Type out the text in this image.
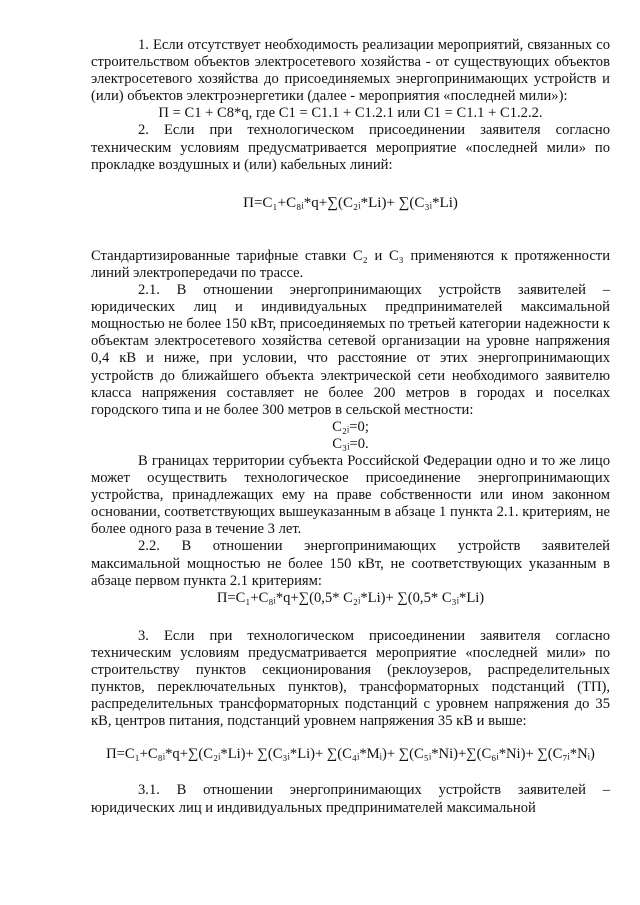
1. Если отсутствует необходимость реализации мероприятий, связанных со строительством объектов электросетевого хозяйства - от существующих объектов электросетевого хозяйства до присоединяемых энергопринимающих устройств и (или) объектов электроэнергетики (далее - мероприятия «последней мили»):

П = C1 + C8*q, где С1 = С1.1 + С1.2.1 или С1 = С1.1 + С1.2.2.

2. Если при технологическом присоединении заявителя согласно техническим условиям предусматривается мероприятие «последней мили» по прокладке воздушных и (или) кабельных линий:

П=С₁+С₈ᵢ*q+∑(С₂ᵢ*Li)+ ∑(С₃ᵢ*Li)

Стандартизированные тарифные ставки С₂ и С₃ применяются к протяженности линий электропередачи по трассе.

2.1. В отношении энергопринимающих устройств заявителей – юридических лиц и индивидуальных предпринимателей максимальной мощностью не более 150 кВт, присоединяемых по третьей категории надежности к объектам электросетевого хозяйства сетевой организации на уровне напряжения 0,4 кВ и ниже, при условии, что расстояние от этих энергопринимающих устройств до ближайшего объекта электрической сети необходимого заявителю класса напряжения составляет не более 200 метров в городах и поселках городского типа и не более 300 метров в сельской местности:

С₂ᵢ=0;

С₃ᵢ=0.

В границах территории субъекта Российской Федерации одно и то же лицо может осуществить технологическое присоединение энергопринимающих устройства, принадлежащих ему на праве собственности или ином законном основании, соответствующих вышеуказанным в абзаце 1 пункта 2.1. критериям, не более одного раза в течение 3 лет.

2.2. В отношении энергопринимающих устройств заявителей максимальной мощностью не более 150 кВт, не соответствующих указанным в абзаце первом пункта 2.1 критериям:

П=С₁+С₈ᵢ*q+∑(0,5* С₂ᵢ*Li)+ ∑(0,5* С₃ᵢ*Li)

3. Если при технологическом присоединении заявителя согласно техническим условиям предусматривается мероприятие «последней мили» по строительству пунктов секционирования (реклоузеров, распределительных пунктов, переключательных пунктов), трансформаторных подстанций (ТП), распределительных трансформаторных подстанций с уровнем напряжения до 35 кВ, центров питания, подстанций уровнем напряжения 35 кВ и выше:

П=С₁+С₈ᵢ*q+∑(С₂ᵢ*Li)+ ∑(С₃ᵢ*Li)+ ∑(С₄ᵢ*Mᵢ)+ ∑(С₅ᵢ*Ni)+∑(С₆ᵢ*Ni)+ ∑(С₇ᵢ*Nᵢ)

3.1. В отношении энергопринимающих устройств заявителей – юридических лиц и индивидуальных предпринимателей максимальной
